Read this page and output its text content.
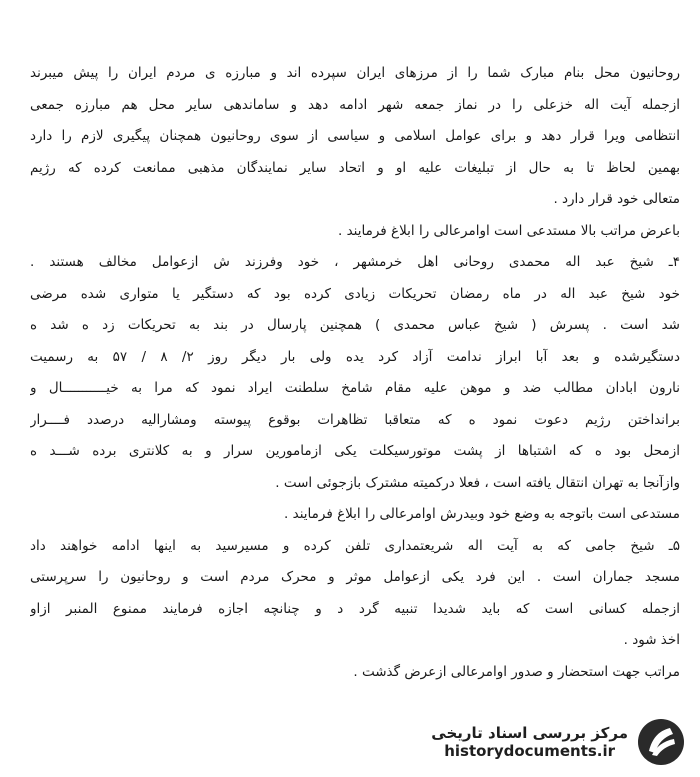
روحانیون محل بنام مبارک شما را از مرزهای ایران سپرده اند و مبارزه ی مردم ایران را پیش میبرند
ازجمله آیت اله خزعلی را در نماز جمعه شهر ادامه دهد و ساماندهی سایر محل هم مبارزه جمعی
انتظامی ویرا قرار دهد و برای عوامل اسلامی و سیاسی از سوی روحانیون همچنان پیگیری لازم را دارد
بهمین لحاظ تا به حال از تبلیغات علیه او و اتحاد سایر نمایندگان مذهبی ممانعت کرده که رژیم
متعالی خود قرار دارد .
باعرض مراتب بالا مستدعی است اوامرعالی را ابلاغ فرمایند .
۴ـ شیخ عبد اله محمدی روحانی اهل خرمشهر ، خود وفرزند ش ازعوامل مخالف هستند .
خود شیخ عبد اله در ماه رمضان تحریکات زیادی کرده بود که دستگیر یا متواری شده مرضی
شد است . پسرش ( شیخ عباس محمدی ) همچنین پارسال در بند به تحریکات زد ه شد ه
دستگیرشده و بعد آبا ابراز ندامت آزاد کرد یده ولی بار دیگر روز ۲/ ۸ / ۵۷ به رسمیت
نارون ابادان مطالب ضد و موهن علیه مقام شامخ سلطنت ایراد نمود که مرا به خیـــــــــــال و
برانداختن رژیم دعوت نمود ه که متعاقبا تظاهرات بوقوع پیوسته ومشارالیه درصدد فــــرار
ازمحل بود ه که اشتباها از پشت موتورسیکلت یکی ازمامورین سرار و به کلانتری برده شـــد ه
وازآنجا به تهران انتقال یافته است ، فعلا درکمیته مشترک بازجوئی است .
مستدعی است باتوجه به وضع خود وبیدرش اوامرعالی را ابلاغ فرمایند .
۵ـ شیخ جامی که به آیت اله شریعتمداری تلفن کرده و مسیرسید به اینها ادامه خواهند داد
مسجد جماران است . این فرد یکی ازعوامل موثر و محرک مردم است و روحانیون را سرپرستی
ازجمله کسانی است که باید شدیدا تنبیه گرد د و چنانچه اجازه فرمایند ممنوع المنبر ازاو
اخذ شود .
مراتب جهت استحضار و صدور اوامرعالی ازعرض گذشت .
مرکز بررسی اسناد تاریخی
historydocuments.ir
